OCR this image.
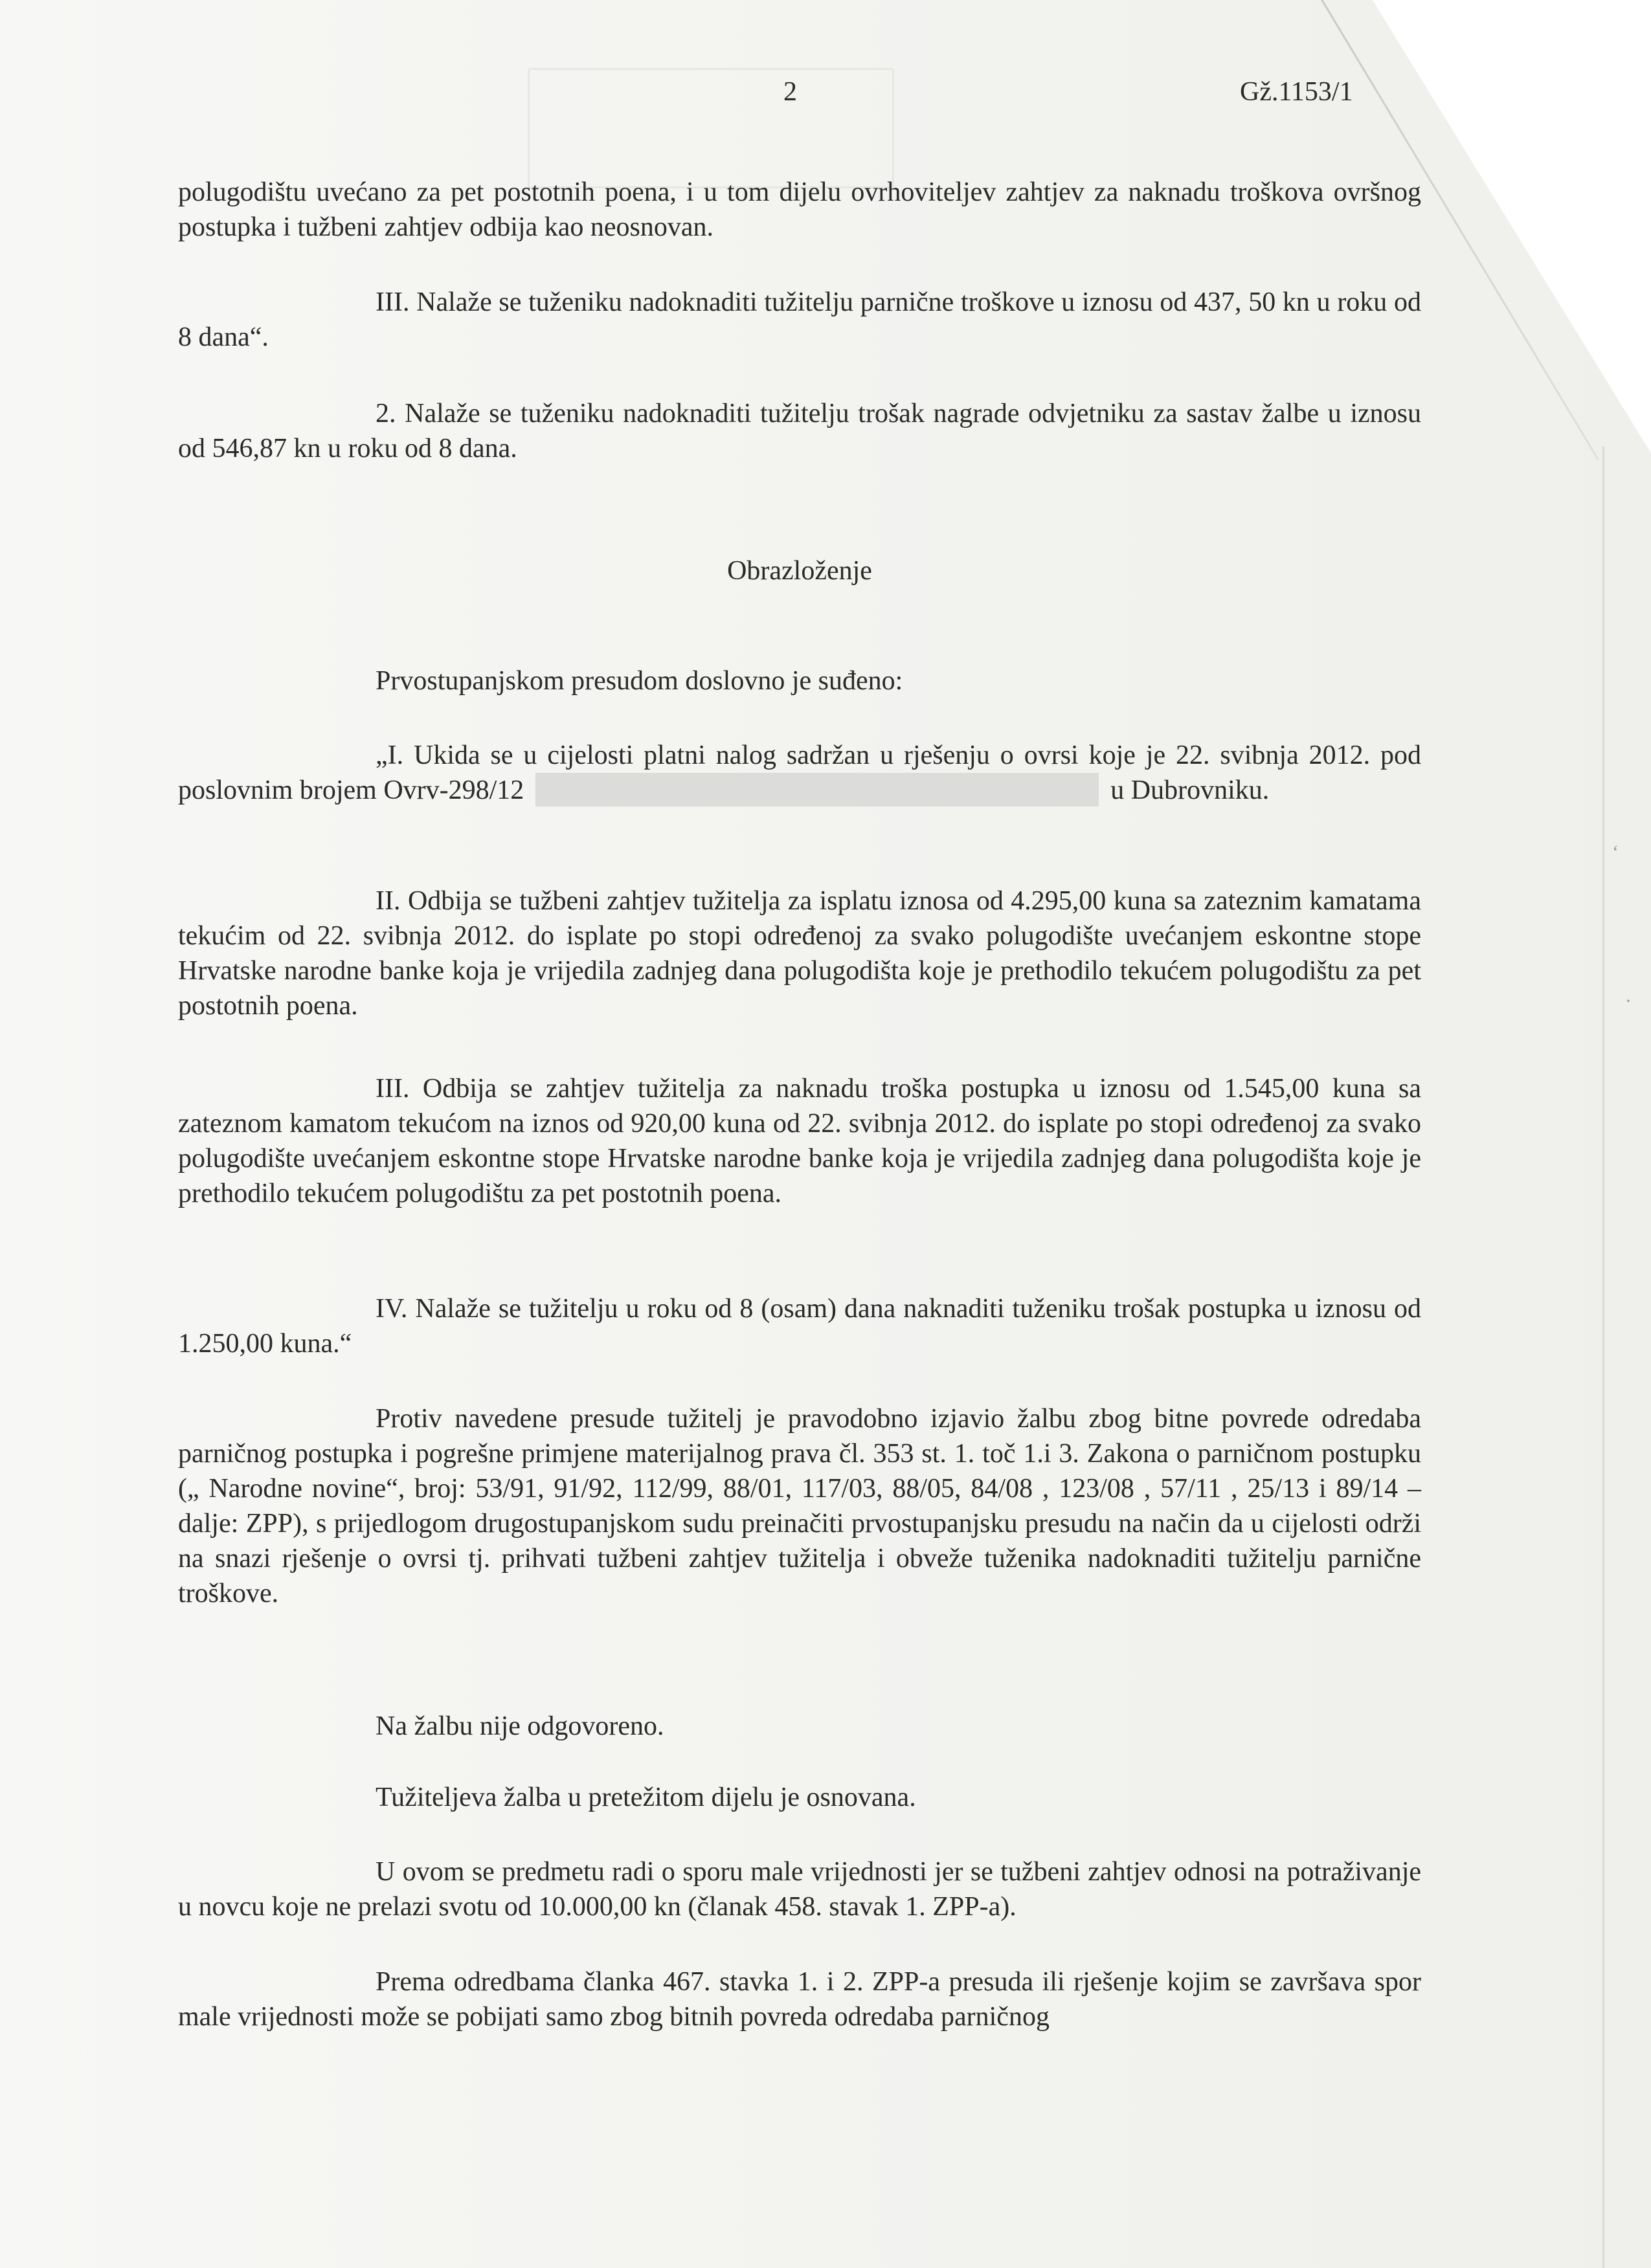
2	Gž.1153/1

polugodištu uvećano za pet postotnih poena, i u tom dijelu ovrhoviteljev zahtjev za naknadu troškova ovršnog postupka i tužbeni zahtjev odbija kao neosnovan.

III. Nalaže se tuženiku nadoknaditi tužitelju parnične troškove u iznosu od 437, 50 kn u roku od 8 dana“.

2. Nalaže se tuženiku nadoknaditi tužitelju trošak nagrade odvjetniku za sastav žalbe u iznosu od 546,87 kn u roku od 8 dana.

Obrazloženje

Prvostupanjskom presudom doslovno je suđeno:

„I. Ukida se u cijelosti platni nalog sadržan u rješenju o ovrsi koje je 22. svibnja 2012. pod poslovnim brojem Ovrv-298/12	u Dubrovniku.

II. Odbija se tužbeni zahtjev tužitelja za isplatu iznosa od 4.295,00 kuna sa zateznim kamatama tekućim od 22. svibnja 2012. do isplate po stopi određenoj za svako polugodište uvećanjem eskontne stope Hrvatske narodne banke koja je vrijedila zadnjeg dana polugodišta koje je prethodilo tekućem polugodištu za pet postotnih poena.

III. Odbija se zahtjev tužitelja za naknadu troška postupka u iznosu od 1.545,00 kuna sa zateznom kamatom tekućom na iznos od 920,00 kuna od 22. svibnja 2012. do isplate po stopi određenoj za svako polugodište uvećanjem eskontne stope Hrvatske narodne banke koja je vrijedila zadnjeg dana polugodišta koje je prethodilo tekućem polugodištu za pet postotnih poena.

IV. Nalaže se tužitelju u roku od 8 (osam) dana naknaditi tuženiku trošak postupka u iznosu od 1.250,00 kuna.“

Protiv navedene presude tužitelj je pravodobno izjavio žalbu zbog bitne povrede odredaba parničnog postupka i pogrešne primjene materijalnog prava čl. 353 st. 1. toč 1.i 3. Zakona o parničnom postupku („ Narodne novine“, broj: 53/91, 91/92, 112/99, 88/01, 117/03, 88/05, 84/08 , 123/08 , 57/11 , 25/13 i 89/14 – dalje: ZPP), s prijedlogom drugostupanjskom sudu preinačiti prvostupanjsku presudu na način da u cijelosti održi na snazi rješenje o ovrsi tj. prihvati tužbeni zahtjev tužitelja i obveže tuženika nadoknaditi tužitelju parnične troškove.

Na žalbu nije odgovoreno.

Tužiteljeva žalba u pretežitom dijelu je osnovana.

U ovom se predmetu radi o sporu male vrijednosti jer se tužbeni zahtjev odnosi na potraživanje u novcu koje ne prelazi svotu od 10.000,00 kn (članak 458. stavak 1. ZPP-a).

Prema odredbama članka 467. stavka 1. i 2. ZPP-a presuda ili rješenje kojim se završava spor male vrijednosti može se pobijati samo zbog bitnih povreda odredaba parničnog

‘
·
